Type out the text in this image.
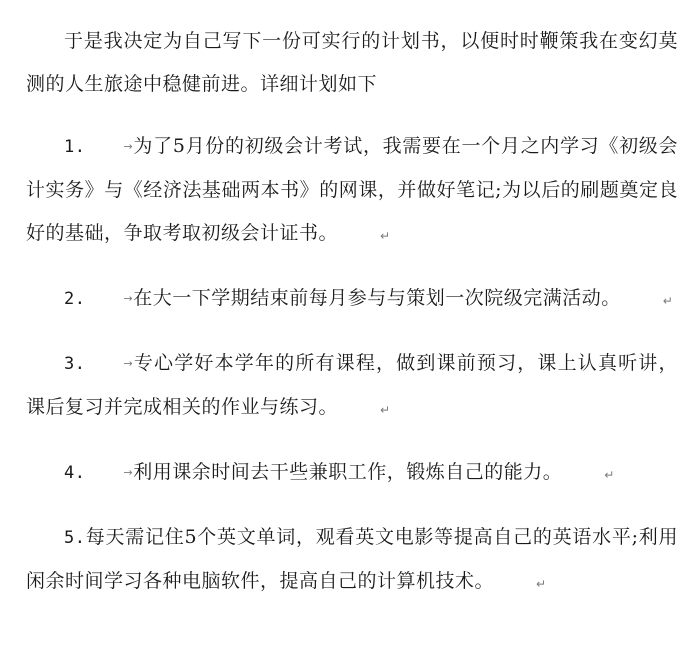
于是我决定为自己写下一份可实行的计划书，以便时时鞭策我在变幻莫测的人生旅途中稳健前进。详细计划如下

1.	→为了5月份的初级会计考试，我需要在一个月之内学习《初级会计实务》与《经济法基础两本书》的网课，并做好笔记;为以后的刷题奠定良好的基础，争取考取初级会计证书。	↵

2.	→在大一下学期结束前每月参与与策划一次院级完满活动。	↵

3.	→专心学好本学年的所有课程，做到课前预习，课上认真听讲，课后复习并完成相关的作业与练习。	↵

4.	→利用课余时间去干些兼职工作，锻炼自己的能力。	↵

5.每天需记住5个英文单词，观看英文电影等提高自己的英语水平;利用闲余时间学习各种电脑软件，提高自己的计算机技术。	↵
